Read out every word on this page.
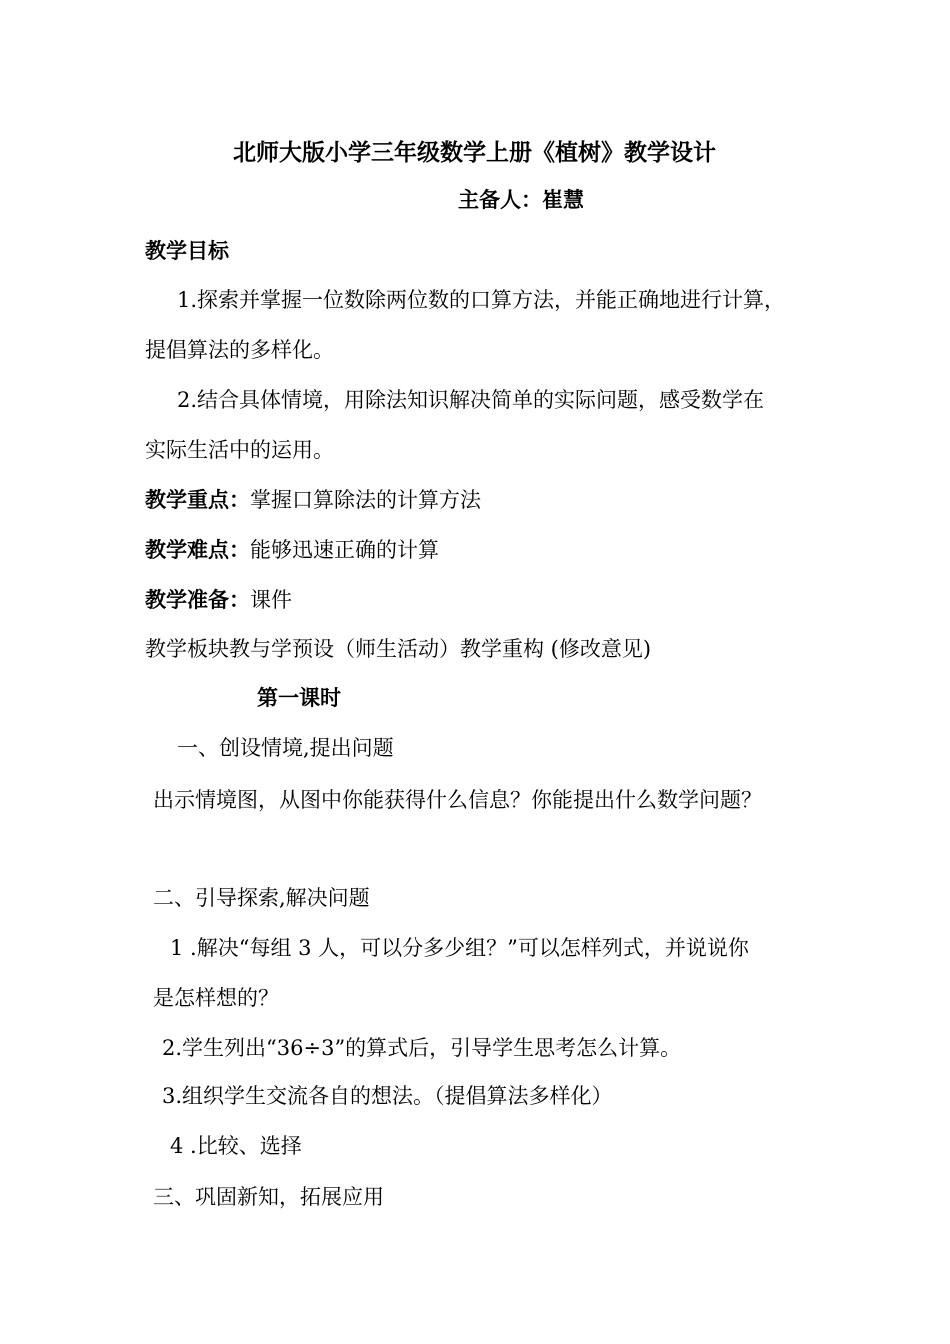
北师大版小学三年级数学上册《植树》教学设计
主备人：崔慧
教学目标
1.探索并掌握一位数除两位数的口算方法，并能正确地进行计算，
提倡算法的多样化。
2.结合具体情境，用除法知识解决简单的实际问题，感受数学在
实际生活中的运用。
教学重点：掌握口算除法的计算方法
教学难点：能够迅速正确的计算
教学准备：课件
教学板块教与学预设（师生活动）教学重构 (修改意见)
第一课时
一、创设情境,提出问题
出示情境图，从图中你能获得什么信息？你能提出什么数学问题？
二、引导探索,解决问题
1 .解决“每组 3 人，可以分多少组？”可以怎样列式，并说说你
是怎样想的？
2.学生列出“36÷3”的算式后，引导学生思考怎么计算。
3.组织学生交流各自的想法。（提倡算法多样化）
4 .比较、选择
三、巩固新知，拓展应用
